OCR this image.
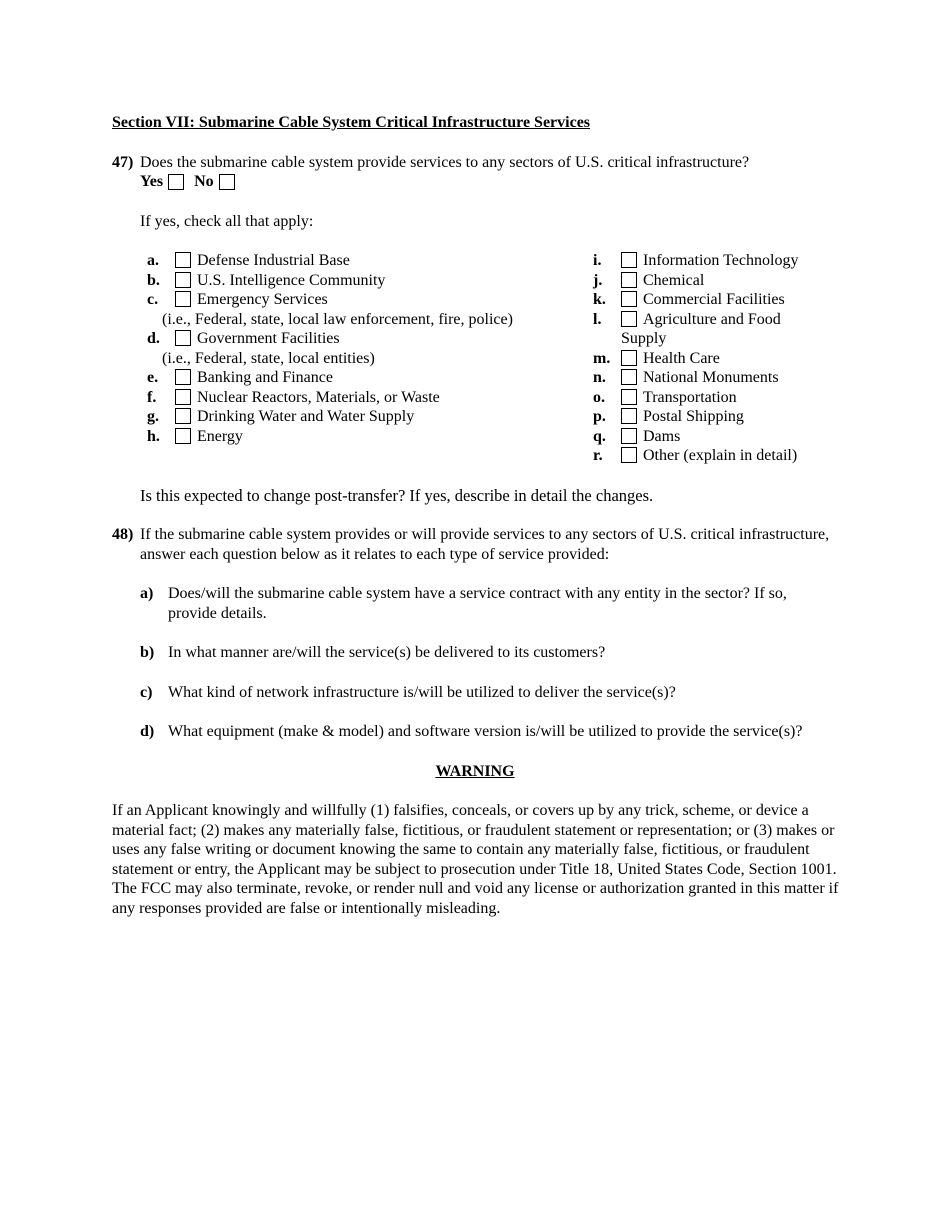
Section VII: Submarine Cable System Critical Infrastructure Services

47) Does the submarine cable system provide services to any sectors of U.S. critical infrastructure?
Yes No
If yes, check all that apply:
a.	Defense Industrial Base
b.	U.S. Intelligence Community
c.	Emergency Services
(i.e., Federal, state, local law enforcement, fire, police)
d.	Government Facilities
(i.e., Federal, state, local entities)
e.	Banking and Finance
f.	Nuclear Reactors, Materials, or Waste
g.	Drinking Water and Water Supply
h.	Energy
i.	Information Technology
j.	Chemical
k.	Commercial Facilities
l.	Agriculture and Food
Supply
m.	Health Care
n.	National Monuments
o.	Transportation
p.	Postal Shipping
q.	Dams
r.	Other (explain in detail)
Is this expected to change post-transfer? If yes, describe in detail the changes.
48) If the submarine cable system provides or will provide services to any sectors of U.S. critical infrastructure, answer each question below as it relates to each type of service provided:
a) Does/will the submarine cable system have a service contract with any entity in the sector? If so, provide details.
b) In what manner are/will the service(s) be delivered to its customers?
c) What kind of network infrastructure is/will be utilized to deliver the service(s)?
d) What equipment (make & model) and software version is/will be utilized to provide the service(s)?
WARNING
If an Applicant knowingly and willfully (1) falsifies, conceals, or covers up by any trick, scheme, or device a material fact; (2) makes any materially false, fictitious, or fraudulent statement or representation; or (3) makes or uses any false writing or document knowing the same to contain any materially false, fictitious, or fraudulent statement or entry, the Applicant may be subject to prosecution under Title 18, United States Code, Section 1001. The FCC may also terminate, revoke, or render null and void any license or authorization granted in this matter if any responses provided are false or intentionally misleading.
